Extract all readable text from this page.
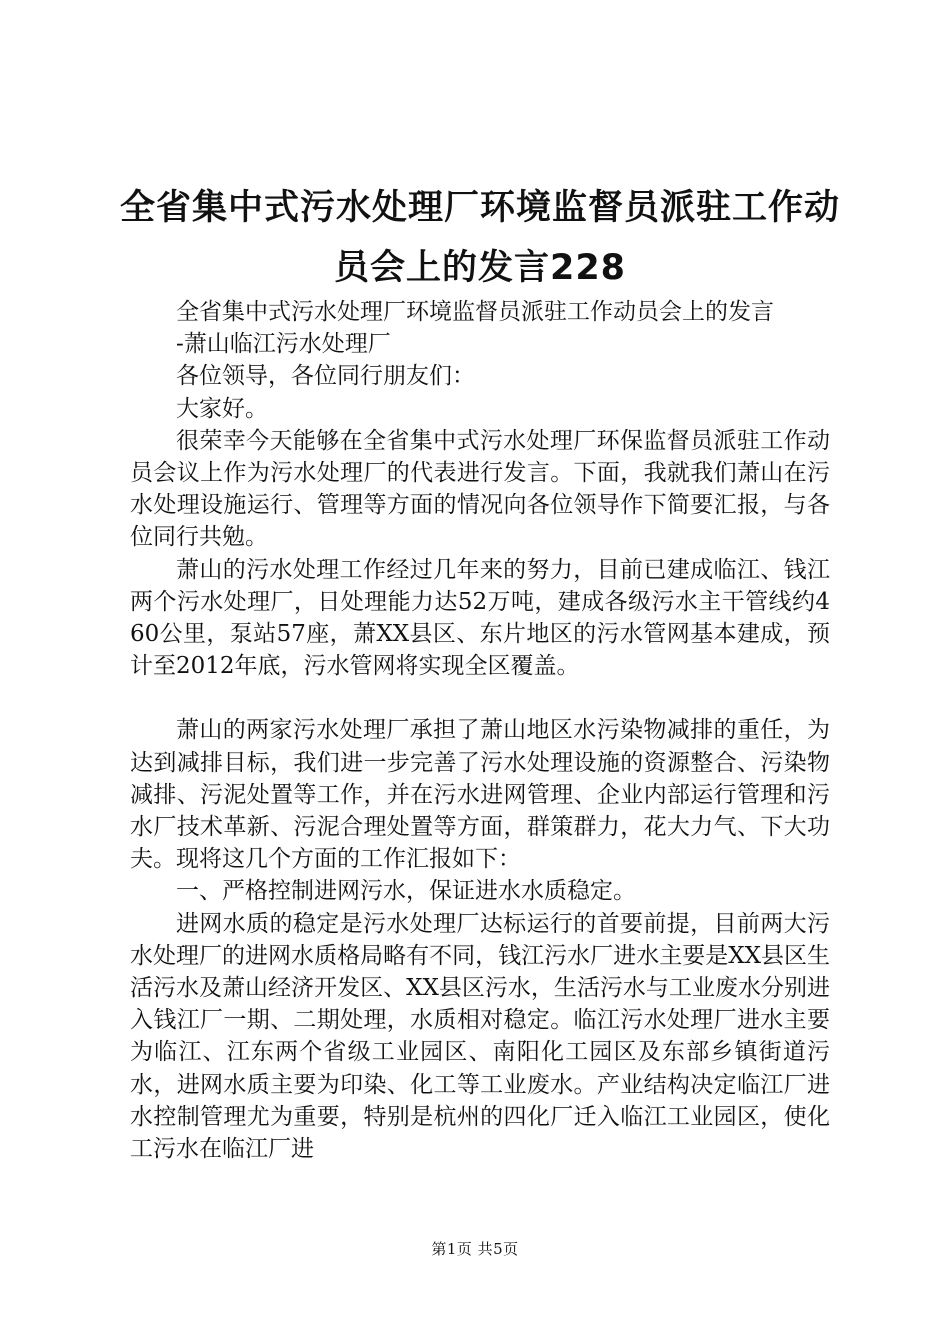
全省集中式污水处理厂环境监督员派驻工作动
员会上的发言228

全省集中式污水处理厂环境监督员派驻工作动员会上的发言

-萧山临江污水处理厂

各位领导，各位同行朋友们：

大家好。

很荣幸今天能够在全省集中式污水处理厂环保监督员派驻工作动员会议上作为污水处理厂的代表进行发言。下面，我就我们萧山在污水处理设施运行、管理等方面的情况向各位领导作下简要汇报，与各位同行共勉。

萧山的污水处理工作经过几年来的努力，目前已建成临江、钱江两个污水处理厂，日处理能力达52万吨，建成各级污水主干管线约460公里，泵站57座，萧XX县区、东片地区的污水管网基本建成，预计至2012年底，污水管网将实现全区覆盖。

萧山的两家污水处理厂承担了萧山地区水污染物减排的重任，为达到减排目标，我们进一步完善了污水处理设施的资源整合、污染物减排、污泥处置等工作，并在污水进网管理、企业内部运行管理和污水厂技术革新、污泥合理处置等方面，群策群力，花大力气、下大功夫。现将这几个方面的工作汇报如下：

一、严格控制进网污水，保证进水水质稳定。

进网水质的稳定是污水处理厂达标运行的首要前提，目前两大污水处理厂的进网水质格局略有不同，钱江污水厂进水主要是XX县区生活污水及萧山经济开发区、XX县区污水，生活污水与工业废水分别进入钱江厂一期、二期处理，水质相对稳定。临江污水处理厂进水主要为临江、江东两个省级工业园区、南阳化工园区及东部乡镇街道污水，进网水质主要为印染、化工等工业废水。产业结构决定临江厂进水控制管理尤为重要，特别是杭州的四化厂迁入临江工业园区，使化工污水在临江厂进

第1页 共5页
